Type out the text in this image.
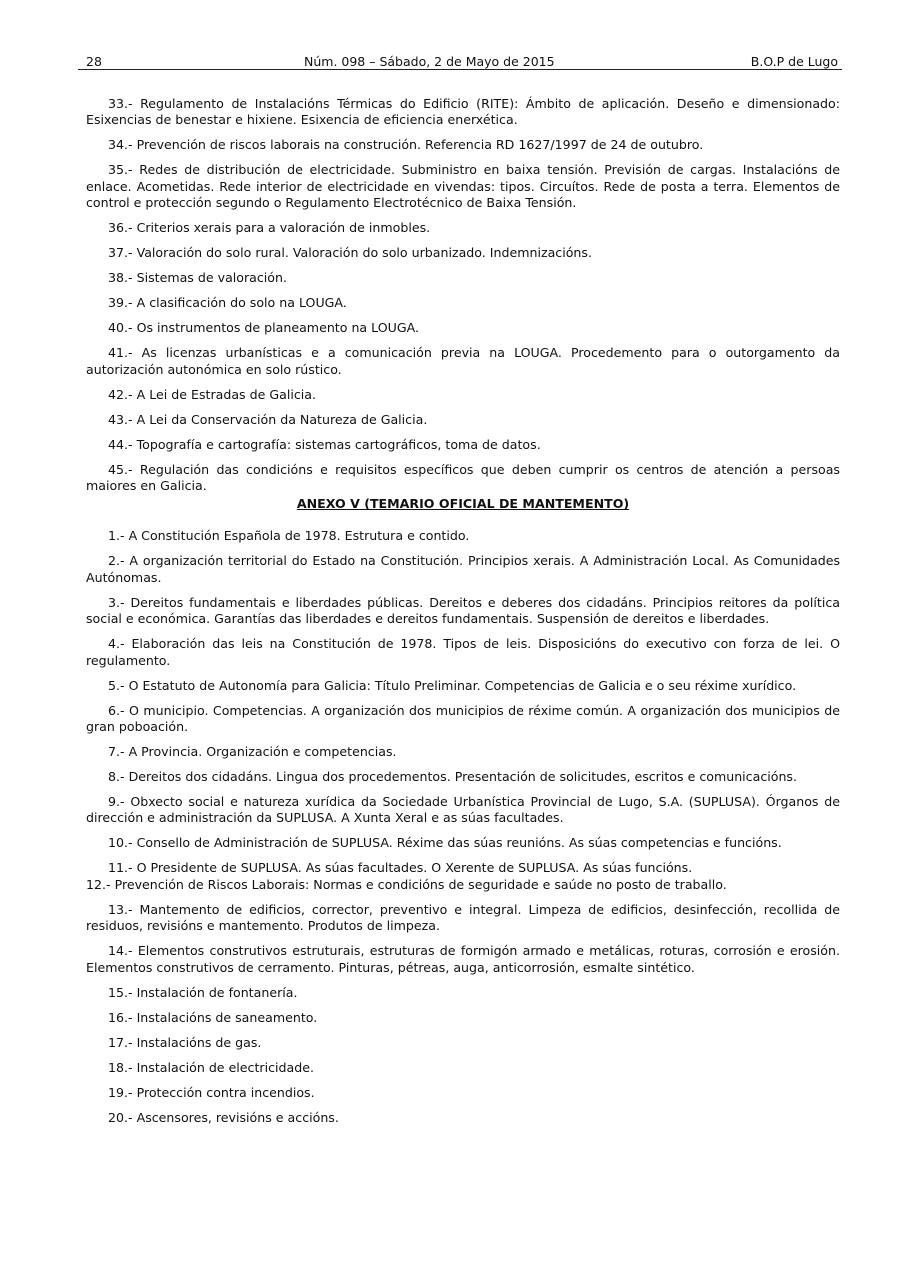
28	Núm. 098 – Sábado, 2 de Mayo de 2015	B.O.P de Lugo

33.- Regulamento de Instalacións Térmicas do Edificio (RITE): Ámbito de aplicación. Deseño e dimensionado: Esixencias de benestar e hixiene. Esixencia de eficiencia enerxética.

34.- Prevención de riscos laborais na construción. Referencia RD 1627/1997 de 24 de outubro.

35.- Redes de distribución de electricidade. Subministro en baixa tensión. Previsión de cargas. Instalacións de enlace. Acometidas. Rede interior de electricidade en vivendas: tipos. Circuítos. Rede de posta a terra. Elementos de control e protección segundo o Regulamento Electrotécnico de Baixa Tensión.

36.- Criterios xerais para a valoración de inmobles.

37.- Valoración do solo rural. Valoración do solo urbanizado. Indemnizacións.

38.- Sistemas de valoración.

39.- A clasificación do solo na LOUGA.

40.- Os instrumentos de planeamento na LOUGA.

41.- As licenzas urbanísticas e a comunicación previa na LOUGA. Procedemento para o outorgamento da autorización autonómica en solo rústico.

42.- A Lei de Estradas de Galicia.

43.- A Lei da Conservación da Natureza de Galicia.

44.- Topografía e cartografía: sistemas cartográficos, toma de datos.

45.- Regulación das condicións e requisitos específicos que deben cumprir os centros de atención a persoas maiores en Galicia.

ANEXO V (TEMARIO OFICIAL DE MANTEMENTO)

1.- A Constitución Española de 1978. Estrutura e contido.

2.- A organización territorial do Estado na Constitución. Principios xerais. A Administración Local. As Comunidades Autónomas.

3.- Dereitos fundamentais e liberdades públicas. Dereitos e deberes dos cidadáns. Principios reitores da política social e económica. Garantías das liberdades e dereitos fundamentais. Suspensión de dereitos e liberdades.

4.- Elaboración das leis na Constitución de 1978. Tipos de leis. Disposicións do executivo con forza de lei. O regulamento.

5.- O Estatuto de Autonomía para Galicia: Título Preliminar. Competencias de Galicia e o seu réxime xurídico.

6.- O municipio. Competencias. A organización dos municipios de réxime común. A organización dos municipios de gran poboación.

7.- A Provincia. Organización e competencias.

8.- Dereitos dos cidadáns. Lingua dos procedementos. Presentación de solicitudes, escritos e comunicacións.

9.- Obxecto social e natureza xurídica da Sociedade Urbanística Provincial de Lugo, S.A. (SUPLUSA). Órganos de dirección e administración da SUPLUSA. A Xunta Xeral e as súas facultades.

10.- Consello de Administración de SUPLUSA. Réxime das súas reunións. As súas competencias e funcións.

11.- O Presidente de SUPLUSA. As súas facultades. O Xerente de SUPLUSA. As súas funcións.

12.- Prevención de Riscos Laborais: Normas e condicións de seguridade e saúde no posto de traballo.

13.- Mantemento de edificios, corrector, preventivo e integral. Limpeza de edificios, desinfección, recollida de residuos, revisións e mantemento. Produtos de limpeza.

14.- Elementos construtivos estruturais, estruturas de formigón armado e metálicas, roturas, corrosión e erosión. Elementos construtivos de cerramento. Pinturas, pétreas, auga, anticorrosión, esmalte sintético.

15.- Instalación de fontanería.

16.- Instalacións de saneamento.

17.- Instalacións de gas.

18.- Instalación de electricidade.

19.- Protección contra incendios.

20.- Ascensores, revisións e accións.
